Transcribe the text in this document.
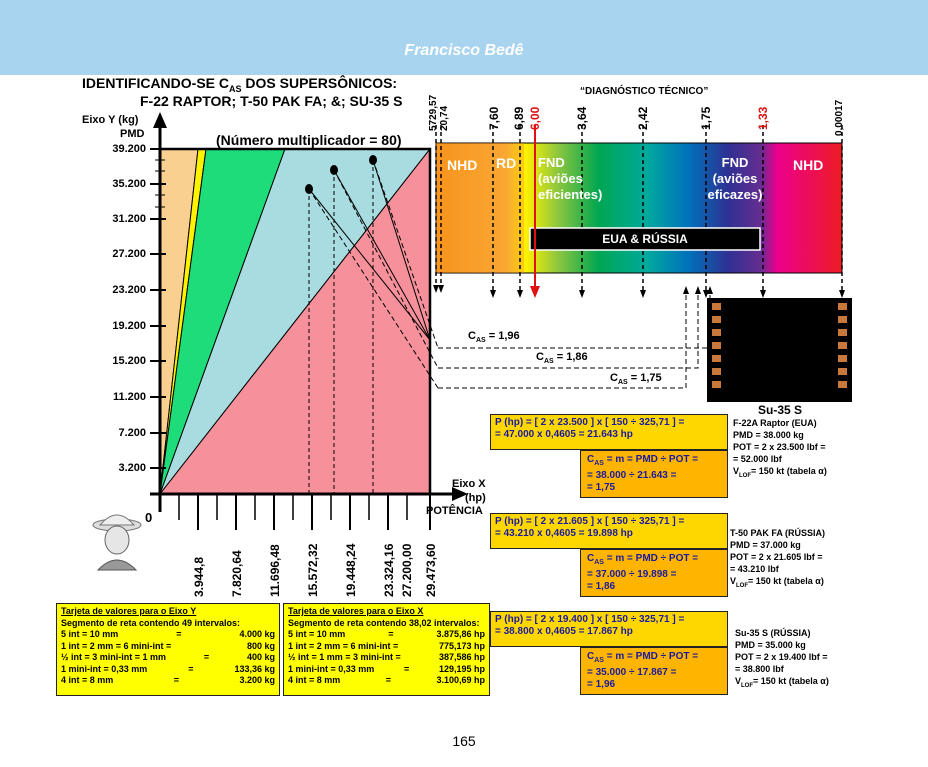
Francisco Bedê
IDENTIFICANDO-SE $C_{AS}$ DOS SUPERSÔNICOS:
F-22 RAPTOR; T-50 PAK FA; &; SU-35 S
Eixo Y (kg)
PMD	(Número multiplicador = 80)
39.200
35.200
31.200
27.200
23.200
19.200
15.200
11.200
7.200
3.200
0
Eixo X
(hp)
POTÊNCIA
3.944,8 7.820,64 11.696,48 15.572,32 19.448,24 23.324,16 27.200,00 29.473,60
“DIAGNÓSTICO TÉCNICO”
5729,57 20,74	7,60 6,89 6,00	3,64	2,42	1,75	1,33	0,00017
NHD RD FND
(aviões
eficientes)
FND
(aviões
eficazes)
NHD
EUA & RÚSSIA
$C_{AS} = 1,96$
$C_{AS} = 1,86$
$C_{AS} = 1,75$
Su-35 S
P (hp) = [ 2 x 23.500 ] x [ 150 ÷ 325,71 ] =
= 47.000 x 0,4605 = 21.643 hp
$C_{AS} = m$ = PMD ÷ POT =
= 38.000 ÷ 21.643 =
= 1,75
F-22A Raptor (EUA)
PMD = 38.000 kg
POT = 2 x 23.500 lbf =
= 52.000 lbf
$V_{LOF}= 150$ kt (tabela α)
P (hp) = [ 2 x 21.605 ] x [ 150 ÷ 325,71 ] =
= 43.210 x 0,4605 = 19.898 hp
$C_{AS} = m$ = PMD ÷ POT =
= 37.000 ÷ 19.898 =
= 1,86
T-50 PAK FA (RÚSSIA)
PMD = 37.000 kg
POT = 2 x 21.605 lbf =
= 43.210 lbf
$V_{LOF}= 150$ kt (tabela α)
P (hp) = [ 2 x 19.400 ] x [ 150 ÷ 325,71 ] =
= 38.800 x 0,4605 = 17.867 hp
$C_{AS} = m$ = PMD ÷ POT =
= 35.000 ÷ 17.867 =
= 1,96
Su-35 S (RÚSSIA)
PMD = 35.000 kg
POT = 2 x 19.400 lbf =
= 38.800 lbf
$V_{LOF}= 150$ kt (tabela α)
Tarjeta de valores para o Eixo Y
Segmento de reta contendo 49 intervalos:
5 int = 10 mm	=	4.000 kg
1 int = 2 mm = 6 mini-int =	800 kg
½ int = 3 mini-int = 1 mm	=	400 kg
1 mini-int = 0,33 mm	=	133,36 kg
4 int = 8 mm	=	3.200 kg
Tarjeta de valores para o Eixo X
Segmento de reta contendo 38,02 intervalos:
5 int = 10 mm	=	3.875,86 hp
1 int = 2 mm = 6 mini-int =	775,173 hp
½ int = 1 mm = 3 mini-int =	387,586 hp
1 mini-int = 0,33 mm	=	129,195 hp
4 int = 8 mm	=	3.100,69 hp
165
